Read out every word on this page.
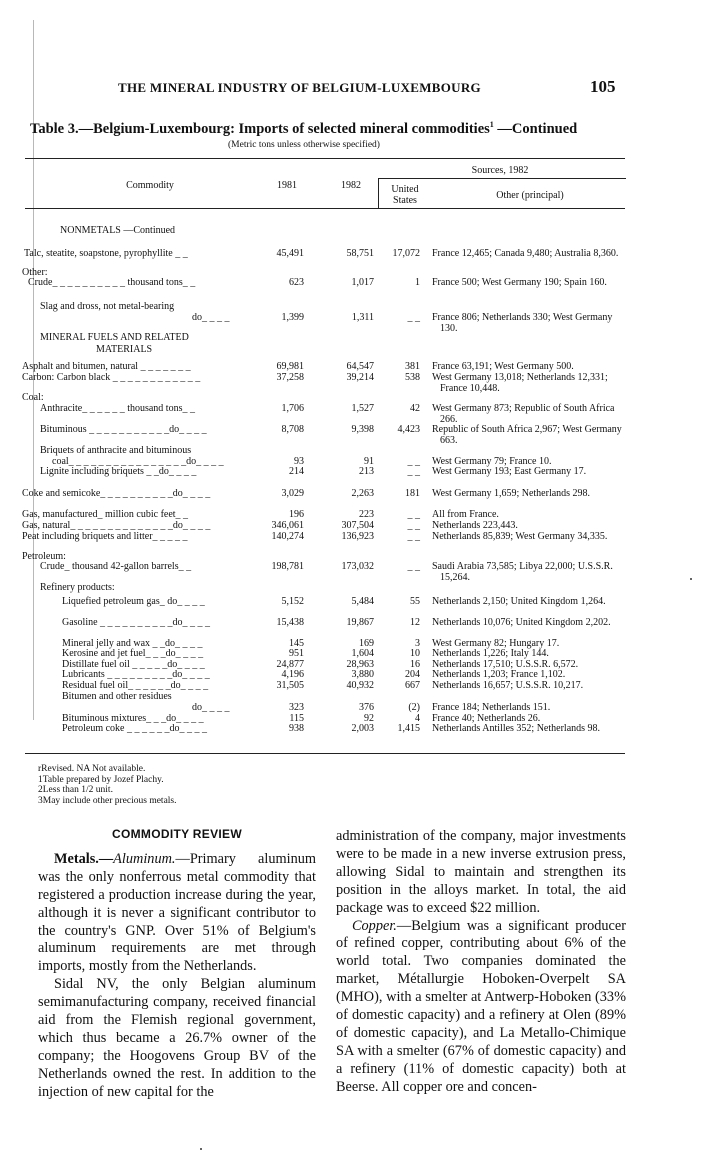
THE MINERAL INDUSTRY OF BELGIUM-LUXEMBOURG	105
Table 3.—Belgium-Luxembourg: Imports of selected mineral commodities$^1$ —Continued
(Metric tons unless otherwise specified)
Commodity	1981	1982
Sources, 1982
United States	Other (principal)
NONMETALS —Continued
Talc, steatite, soapstone, pyrophyllite _ _	45,491	58,751	17,072 France 12,465; Canada 9,480; Australia 8,360.
Other:
Crude_ _ _ _ _ _ _ _ _ _ thousand tons_ _	623	1,017	1 France 500; West Germany 190; Spain 160.
Slag and dross, not metal-bearing
do_ _ _ _	1,399	1,311	_ _ France 806; Netherlands 330; West Germany 130.
MINERAL FUELS AND RELATED
MATERIALS
Asphalt and bitumen, natural _ _ _ _ _ _ _	69,981	64,547	381 France 63,191; West Germany 500.
Carbon: Carbon black _ _ _ _ _ _ _ _ _ _ _ _	37,258	39,214	538 West Germany 13,018; Netherlands 12,331; France 10,448.
Coal:
Anthracite_ _ _ _ _ _ thousand tons_ _	1,706	1,527	42 West Germany 873; Republic of South Africa 266.
Bituminous _ _ _ _ _ _ _ _ _ _ _do_ _ _ _	8,708	9,398	4,423 Republic of South Africa 2,967; West Germany 663.
Briquets of anthracite and bituminous
coal_ _ _ _ _ _ _ _ _ _ _ _ _ _ _ _do_ _ _ _	93	91	_ _ West Germany 79; France 10.
Lignite including briquets _ _do_ _ _ _	214	213	_ _ West Germany 193; East Germany 17.
Coke and semicoke_ _ _ _ _ _ _ _ _ _do_ _ _ _	3,029	2,263	181 West Germany 1,659; Netherlands 298.
Gas, manufactured_ million cubic feet_ _	196	223	_ _ All from France.
Gas, natural_ _ _ _ _ _ _ _ _ _ _ _ _ _do_ _ _ _	346,061	307,504	_ _ Netherlands 223,443.
Peat including briquets and litter_ _ _ _ _	140,274	136,923	_ _ Netherlands 85,839; West Germany 34,335.
Petroleum:
Crude_ thousand 42-gallon barrels_ _	198,781	173,032	_ _ Saudi Arabia 73,585; Libya 22,000; U.S.S.R. 15,264.
Refinery products:
Liquefied petroleum gas_ do_ _ _ _	5,152	5,484	55 Netherlands 2,150; United Kingdom 1,264.
Gasoline _ _ _ _ _ _ _ _ _ _do_ _ _ _	15,438	19,867	12 Netherlands 10,076; United Kingdom 2,202.
Mineral jelly and wax _ _do_ _ _ _	145	169	3 West Germany 82; Hungary 17.
Kerosine and jet fuel_ _ _do_ _ _ _	951	1,604	10 Netherlands 1,226; Italy 144.
Distillate fuel oil _ _ _ _ _do_ _ _ _	24,877	28,963	16 Netherlands 17,510; U.S.S.R. 6,572.
Lubricants _ _ _ _ _ _ _ _ _do_ _ _ _	4,196	3,880	204 Netherlands 1,203; France 1,102.
Residual fuel oil_ _ _ _ _ _do_ _ _ _	31,505	40,932	667 Netherlands 16,657; U.S.S.R. 10,217.
Bitumen and other residues
do_ _ _ _	323	376	(2) France 184; Netherlands 151.
Bituminous mixtures_ _ _do_ _ _ _	115	92	4 France 40; Netherlands 26.
Petroleum coke _ _ _ _ _ _do_ _ _ _	938	2,003	1,415 Netherlands Antilles 352; Netherlands 98.
rRevised. NA Not available.
1Table prepared by Jozef Plachy.
2Less than 1/2 unit.
3May include other precious metals.
COMMODITY REVIEW

Metals.—Aluminum.—Primary aluminum was the only nonferrous metal commodity that registered a production increase during the year, although it is never a significant contributor to the country's GNP. Over 51% of Belgium's aluminum requirements are met through imports, mostly from the Netherlands.

Sidal NV, the only Belgian aluminum semimanufacturing company, received financial aid from the Flemish regional government, which thus became a 26.7% owner of the company; the Hoogovens Group BV of the Netherlands owned the rest. In addition to the injection of new capital for the

administration of the company, major investments were to be made in a new inverse extrusion press, allowing Sidal to maintain and strengthen its position in the alloys market. In total, the aid package was to exceed $22 million.

Copper.—Belgium was a significant producer of refined copper, contributing about 6% of the world total. Two companies dominated the market, Métallurgie Hoboken-Overpelt SA (MHO), with a smelter at Antwerp-Hoboken (33% of domestic capacity) and a refinery at Olen (89% of domestic capacity), and La Metallo-Chimique SA with a smelter (67% of domestic capacity) and a refinery (11% of domestic capacity) both at Beerse. All copper ore and concen-
